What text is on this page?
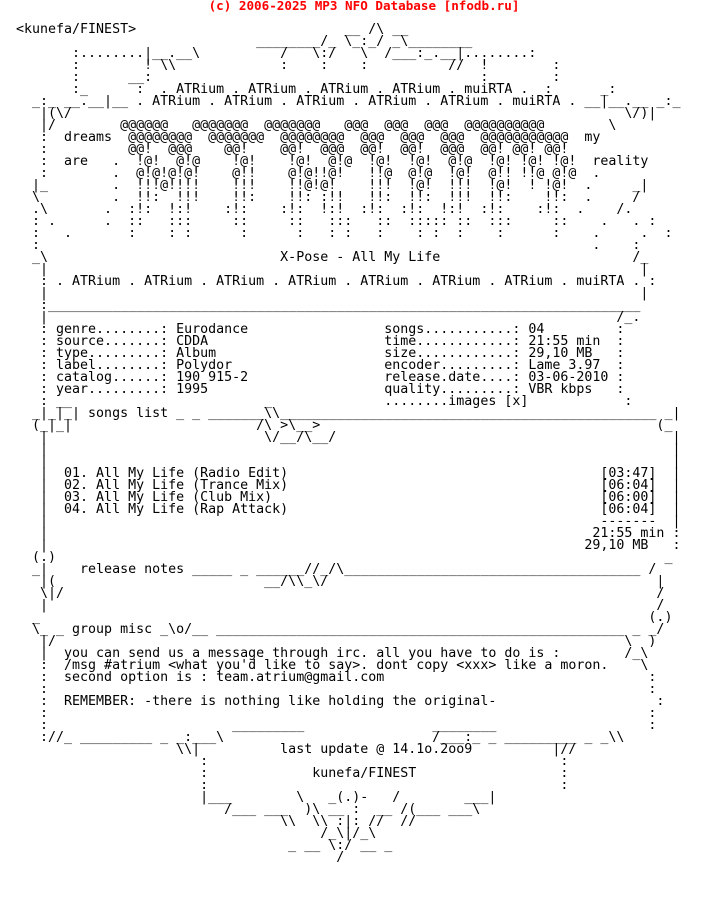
(c) 2006-2025 MP3 NFO Database [nfodb.ru]

<kunefa/FINEST>                          __ /\ __
________/_ \_:_/ _\________
:........|__.__\          /   \:/   \  /___:_.__|........:
:        ! \\             :    :    :          //  !        :
:      __:                                         :__      :
:_      :  . ATRium . ATRium . ATRium . ATRium . muiRTA .  :      _:
_:_ __.__|__ . ATRium . ATRium . ATRium . ATRium . ATRium . muiRTA . __|__.__ _:_
|(\/                                                                     \/)|
|/        @@@@@@   @@@@@@@  @@@@@@@   @@@  @@@  @@@  @@@@@@@@@@        \
:  dreams  @@@@@@@@  @@@@@@@  @@@@@@@@  @@@  @@@  @@@  @@@@@@@@@@@  my
:          @@!  @@@    @@!    @@!  @@@  @@!  @@!  @@@  @@! @@! @@!
:  are   .  !@!  @!@    !@!    !@!  @!@  !@!  !@!  @!@  !@! !@! !@!  reality
:        .  @!@!@!@!    @!!    @!@!!@!   !!@  @!@  !@!  @!! !!@ @!@  .
|_        .  !!!@!!!!    !!!    !!@!@!    !!!  !@!  !!!  !@!  ! !@!  .     _|
\         .  !!:  !!!    !!:    !!: :!!   !!:  !!:  !!!  !!:    !!:  .     /
.\       .  :!:  !:!    :!:    :!:  !:!  :!:  :!:  !:!  :!:    :!:  .    /.
: .      .  ::   :::     ::     ::   :::   ::  ::::: ::  :::     ::    .   . :
:   .       :    : :      :      :   : :   :    : :  :    :      :    .     .  :
:                                                                     .    :
_\                             X-Pose - All My Life                        /_
|                                                                          |
: . ATRium . ATRium . ATRium . ATRium . ATRium . ATRium . ATRium . muiRTA . :
|                                                                          |
:__________________________________________________________________________
|                                                                       /_.
: genre........: Eurodance                 songs...........: 04         :
: source.......: CDDA                      time............: 21:55 min  :
: type.........: Album                     size............: 29,10 MB   :
: label........: Polydor                   encoder.........: Lame 3.97  :
: catalog......: 190 915-2                 release.date....: 03-06-2010 :
: year.........: 1995                      quality.........: VBR kbps   :
: __                        _              ........images [x]            :
_|_|_| songs list _ _ _______\\_______________________________________________ _|
(_|_|                       /\ >\__>                                          (_
|                           \/__/\__/                                          |
|                                                                              |
|                                                                              |
|  01. All My Life (Radio Edit)                                       [03:47]  |
|  02. All My Life (Trance Mix)                                       [06:04]  |
|  03. All My Life (Club Mix)                                         [06:00]  |
|  04. All My Life (Rap Attack)                                       [06:04]  |
|                                                                     -------  |
|                                                                    21:55 min :
|                                                                   29,10 MB   :
(.)                                                                            _
_|    release notes _____ _ ______//_/\_____________________________________ /
|(                          __/\\_\/                                         |
\|/                                                                          /
|                                                                            /
_                                                                            (.)
\_ _ group misc _\o/__ ___________________________________________________ _ _/
|/                                                                       \  )
|  you can send us a message through irc. all you have to do is :        /_\
:  /msg #atrium <what you'd like to say>. dont copy <xxx> like a moron.    \
:  second option is : team.atrium@gmail.com                                 :
:                                                                           :
:  REMEMBER: -there is nothing like holding the original-                    :
:                                                                           :
:                       _________                ________                   :
://_ _________ _ _:___\                          /___:_ _ _________ _ _\\
\\|          last update @ 14.1o.2oo9          |//
:                                            :
:             kunefa/FINEST                  :
:                                            :
|___        \   _(.)-   /        ___|
/___ ___  )\ __ :  __ /(___ ___\
\\  \\ :|: //  //
/_\|/_\
_ __ \:/ __ _
/
